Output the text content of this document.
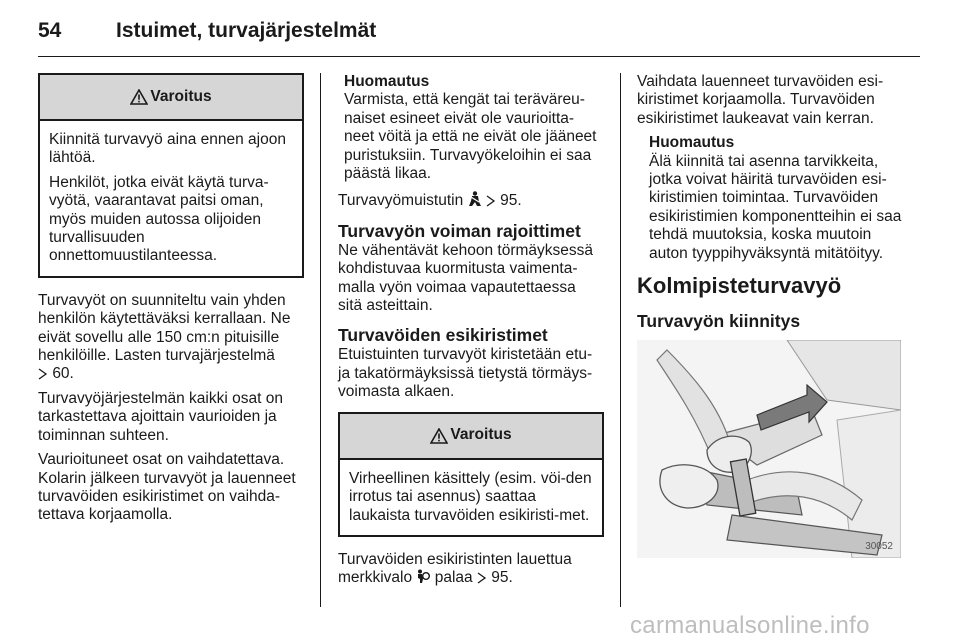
54	Istuimet, turvajärjestelmät
Varoitus

Kiinnitä turvavyö aina ennen ajoon lähtöä.

Henkilöt, jotka eivät käytä turva-vyötä, vaarantavat paitsi oman, myös muiden autossa olijoiden turvallisuuden onnettomuustilanteessa.

Turvavyöt on suunniteltu vain yhden henkilön käytettäväksi kerrallaan. Ne eivät sovellu alle 150 cm:n pituisille henkilöille. Lasten turvajärjestelmä
60.

Turvavyöjärjestelmän kaikki osat on tarkastettava ajoittain vaurioiden ja toiminnan suhteen.

Vaurioituneet osat on vaihdatettava. Kolarin jälkeen turvavyöt ja lauenneet turvavöiden esikiristimet on vaihda-tettava korjaamolla.

Huomautus
Varmista, että kengät tai teräväreu-naiset esineet eivät ole vaurioitta-neet vöitä ja että ne eivät ole jääneet puristuksiin. Turvavyökeloihin ei saa päästä likaa.

Turvavyömuistutin 95.

Turvavyön voiman rajoittimet

Ne vähentävät kehoon törmäyksessä kohdistuvaa kuormitusta vaimenta-malla vyön voimaa vapautettaessa sitä asteittain.

Turvavöiden esikiristimet

Etuistuinten turvavyöt kiristetään etu-ja takatörmäyksissä tietystä törmäys-voimasta alkaen.

Varoitus

Virheellinen käsittely (esim. vöi-den irrotus tai asennus) saattaa laukaista turvavöiden esikiristi-met.

Turvavöiden esikiristinten lauettua merkkivalo palaa 95.

Vaihdata lauenneet turvavöiden esi-kiristimet korjaamolla. Turvavöiden esikiristimet laukeavat vain kerran.

Huomautus
Älä kiinnitä tai asenna tarvikkeita, jotka voivat häiritä turvavöiden esi-kiristimien toimintaa. Turvavöiden esikiristimien komponentteihin ei saa tehdä muutoksia, koska muutoin auton tyyppihyväksyntä mitätöityy.
Kolmipisteturvavyö
Turvavyön kiinnitys
30052
carmanualsonline.info
